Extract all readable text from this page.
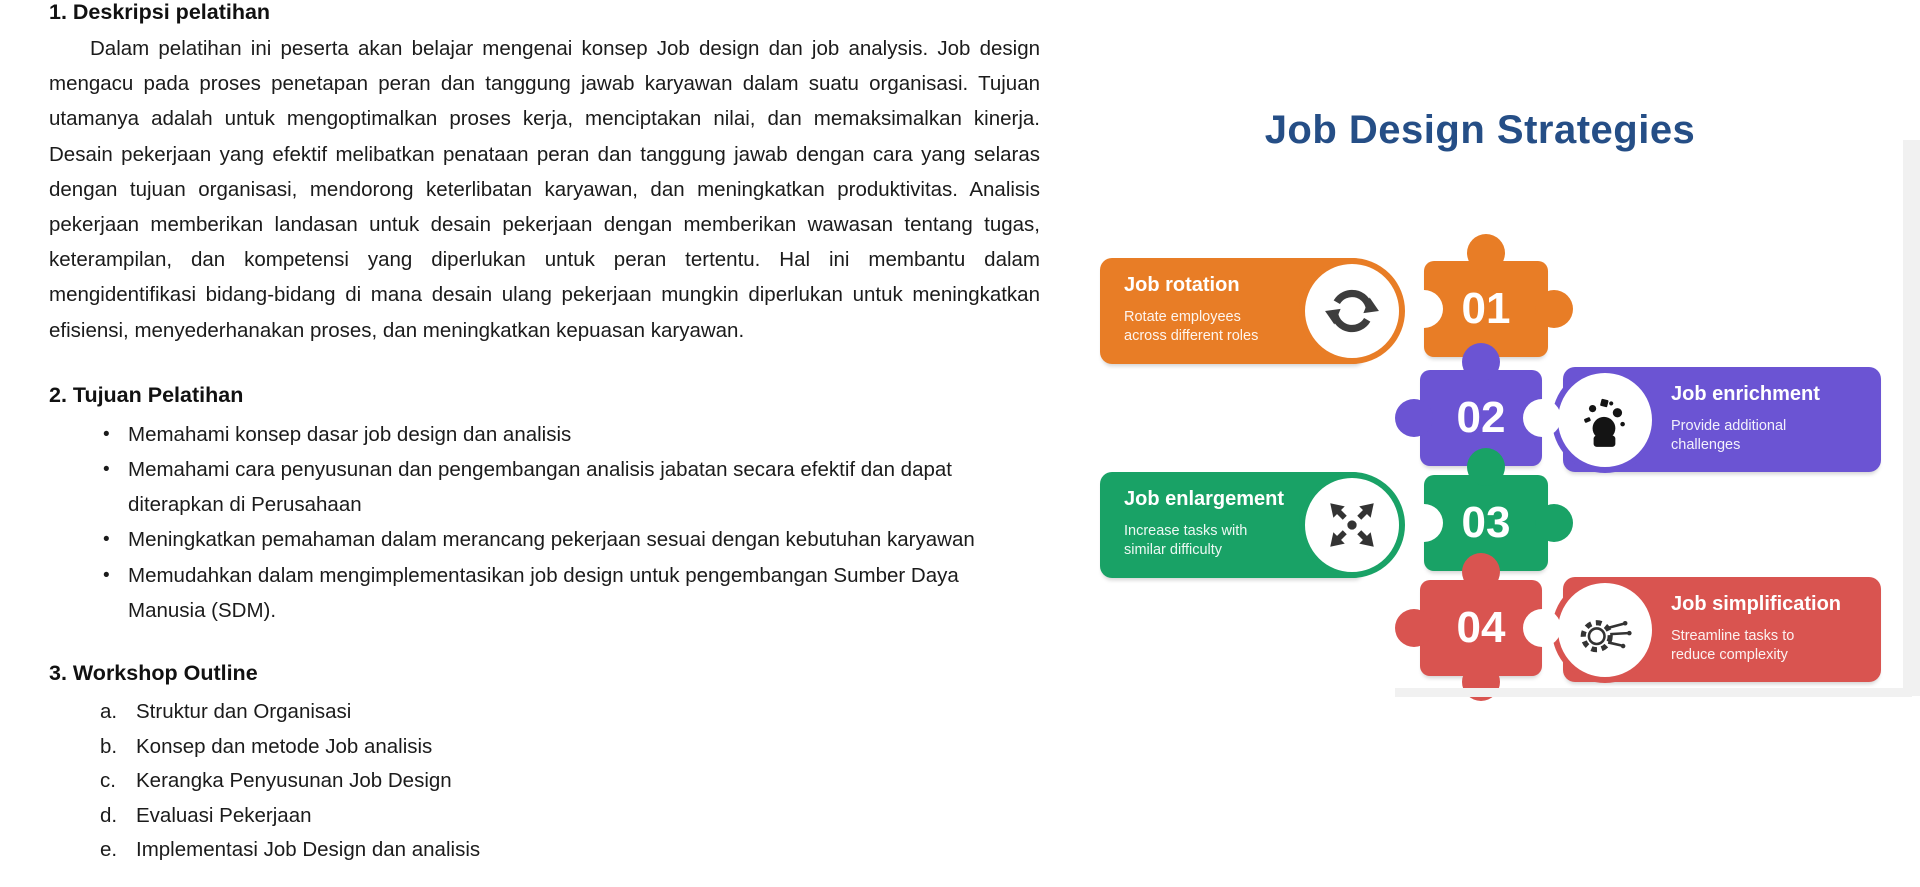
1. Deskripsi pelatihan

Dalam pelatihan ini peserta akan belajar mengenai konsep Job design dan job analysis. Job design mengacu pada proses penetapan peran dan tanggung jawab karyawan dalam suatu organisasi. Tujuan utamanya adalah untuk mengoptimalkan proses kerja, menciptakan nilai, dan memaksimalkan kinerja. Desain pekerjaan yang efektif melibatkan penataan peran dan tanggung jawab dengan cara yang selaras dengan tujuan organisasi, mendorong keterlibatan karyawan, dan meningkatkan produktivitas. Analisis pekerjaan memberikan landasan untuk desain pekerjaan dengan memberikan wawasan tentang tugas, keterampilan, dan kompetensi yang diperlukan untuk peran tertentu. Hal ini membantu dalam mengidentifikasi bidang-bidang di mana desain ulang pekerjaan mungkin diperlukan untuk meningkatkan efisiensi, menyederhanakan proses, dan meningkatkan kepuasan karyawan.

2. Tujuan Pelatihan
• Memahami konsep dasar job design dan analisis
• Memahami cara penyusunan dan pengembangan analisis jabatan secara efektif dan dapat diterapkan di Perusahaan
• Meningkatkan pemahaman dalam merancang pekerjaan sesuai dengan kebutuhan karyawan
• Memudahkan dalam mengimplementasikan job design untuk pengembangan Sumber Daya Manusia (SDM).
3. Workshop Outline
a. Struktur dan Organisasi
b. Konsep dan metode Job analisis
c. Kerangka Penyusunan Job Design
d. Evaluasi Pekerjaan
e. Implementasi Job Design dan analisis
Job Design Strategies
Job rotation
Rotate employees across different roles
Job enrichment
Provide additional challenges
Job enlargement
Increase tasks with similar difficulty
Job simplification
Streamline tasks to reduce complexity
01
02
03
04
